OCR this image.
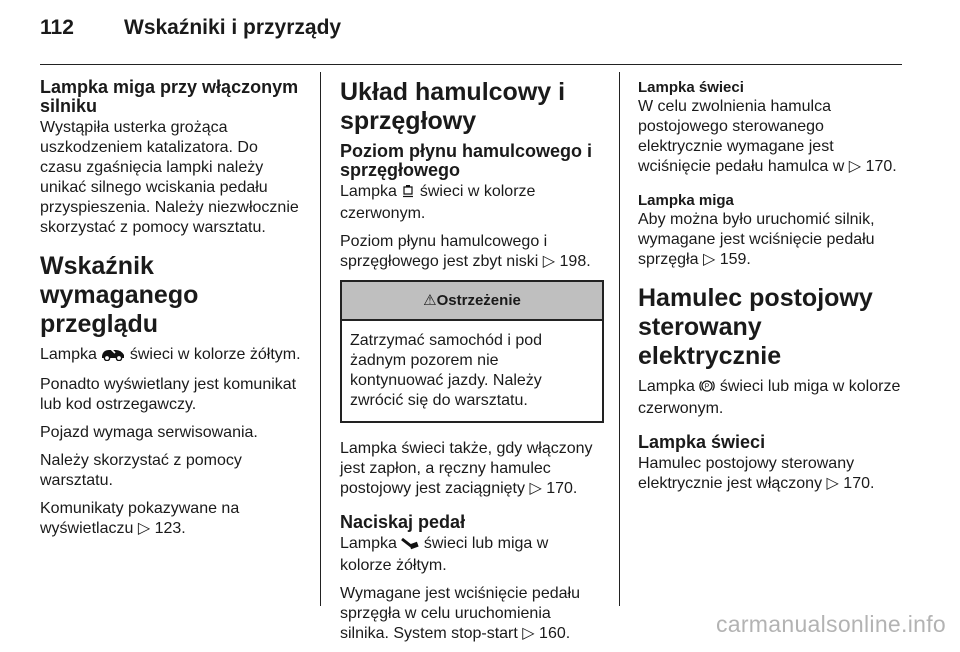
112 Wskaźniki i przyrządy
Lampka miga przy włączonym silniku

Wystąpiła usterka grożąca uszkodzeniem katalizatora. Do czasu zgaśnięcia lampki należy unikać silnego wciskania pedału przyspieszenia. Należy niezwłocznie skorzystać z pomocy warsztatu.

Wskaźnik wymaganego przeglądu

Lampka świeci w kolorze żółtym.

Ponadto wyświetlany jest komunikat lub kod ostrzegawczy.

Pojazd wymaga serwisowania.

Należy skorzystać z pomocy warsztatu.

Komunikaty pokazywane na wyświetlaczu ▷ 123.

Układ hamulcowy i sprzęgłowy
Poziom płynu hamulcowego i sprzęgłowego

Lampka świeci w kolorze czerwonym.

Poziom płynu hamulcowego i sprzęgłowego jest zbyt niski ▷ 198.

⚠Ostrzeżenie
Zatrzymać samochód i pod żadnym pozorem nie kontynuować jazdy. Należy zwrócić się do warsztatu.

Lampka świeci także, gdy włączony jest zapłon, a ręczny hamulec postojowy jest zaciągnięty ▷ 170.

Naciskaj pedał

Lampka świeci lub miga w kolorze żółtym.

Wymagane jest wciśnięcie pedału sprzęgła w celu uruchomienia silnika. System stop-start ▷ 160.

Lampka świeci

W celu zwolnienia hamulca postojowego sterowanego elektrycznie wymagane jest wciśnięcie pedału hamulca w ▷ 170.

Lampka miga

Aby można było uruchomić silnik, wymagane jest wciśnięcie pedału sprzęgła ▷ 159.

Hamulec postojowy sterowany elektrycznie

Lampka P świeci lub miga w kolorze czerwonym.

Lampka świeci

Hamulec postojowy sterowany elektrycznie jest włączony ▷ 170.

carmanualsonline.info
